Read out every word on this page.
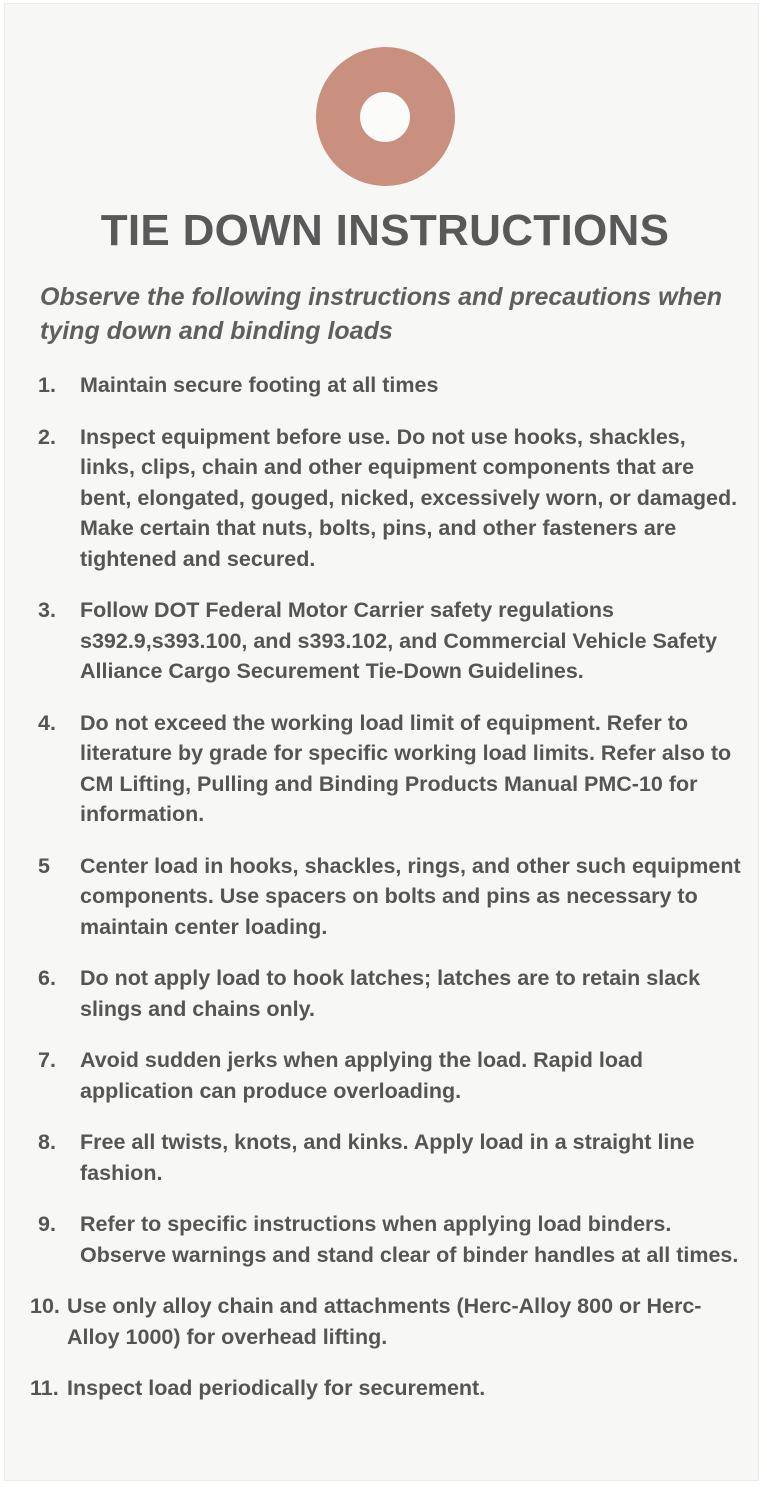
TIE DOWN INSTRUCTIONS

Observe the following instructions and precautions when tying down and binding loads

1. Maintain secure footing at all times
2. Inspect equipment before use. Do not use hooks, shackles, links, clips, chain and other equipment components that are bent, elongated, gouged, nicked, excessively worn, or damaged. Make certain that nuts, bolts, pins, and other fasteners are tightened and secured.
3. Follow DOT Federal Motor Carrier safety regulations s392.9,s393.100, and s393.102, and Commercial Vehicle Safety Alliance Cargo Securement Tie-Down Guidelines.
4. Do not exceed the working load limit of equipment. Refer to literature by grade for specific working load limits. Refer also to CM Lifting, Pulling and Binding Products Manual PMC-10 for information.
5 Center load in hooks, shackles, rings, and other such equipment components. Use spacers on bolts and pins as necessary to maintain center loading.
6. Do not apply load to hook latches; latches are to retain slack slings and chains only.
7. Avoid sudden jerks when applying the load. Rapid load application can produce overloading.
8. Free all twists, knots, and kinks. Apply load in a straight line fashion.
9. Refer to specific instructions when applying load binders. Observe warnings and stand clear of binder handles at all times.
10. Use only alloy chain and attachments (Herc-Alloy 800 or Herc-Alloy 1000) for overhead lifting.
11. Inspect load periodically for securement.
